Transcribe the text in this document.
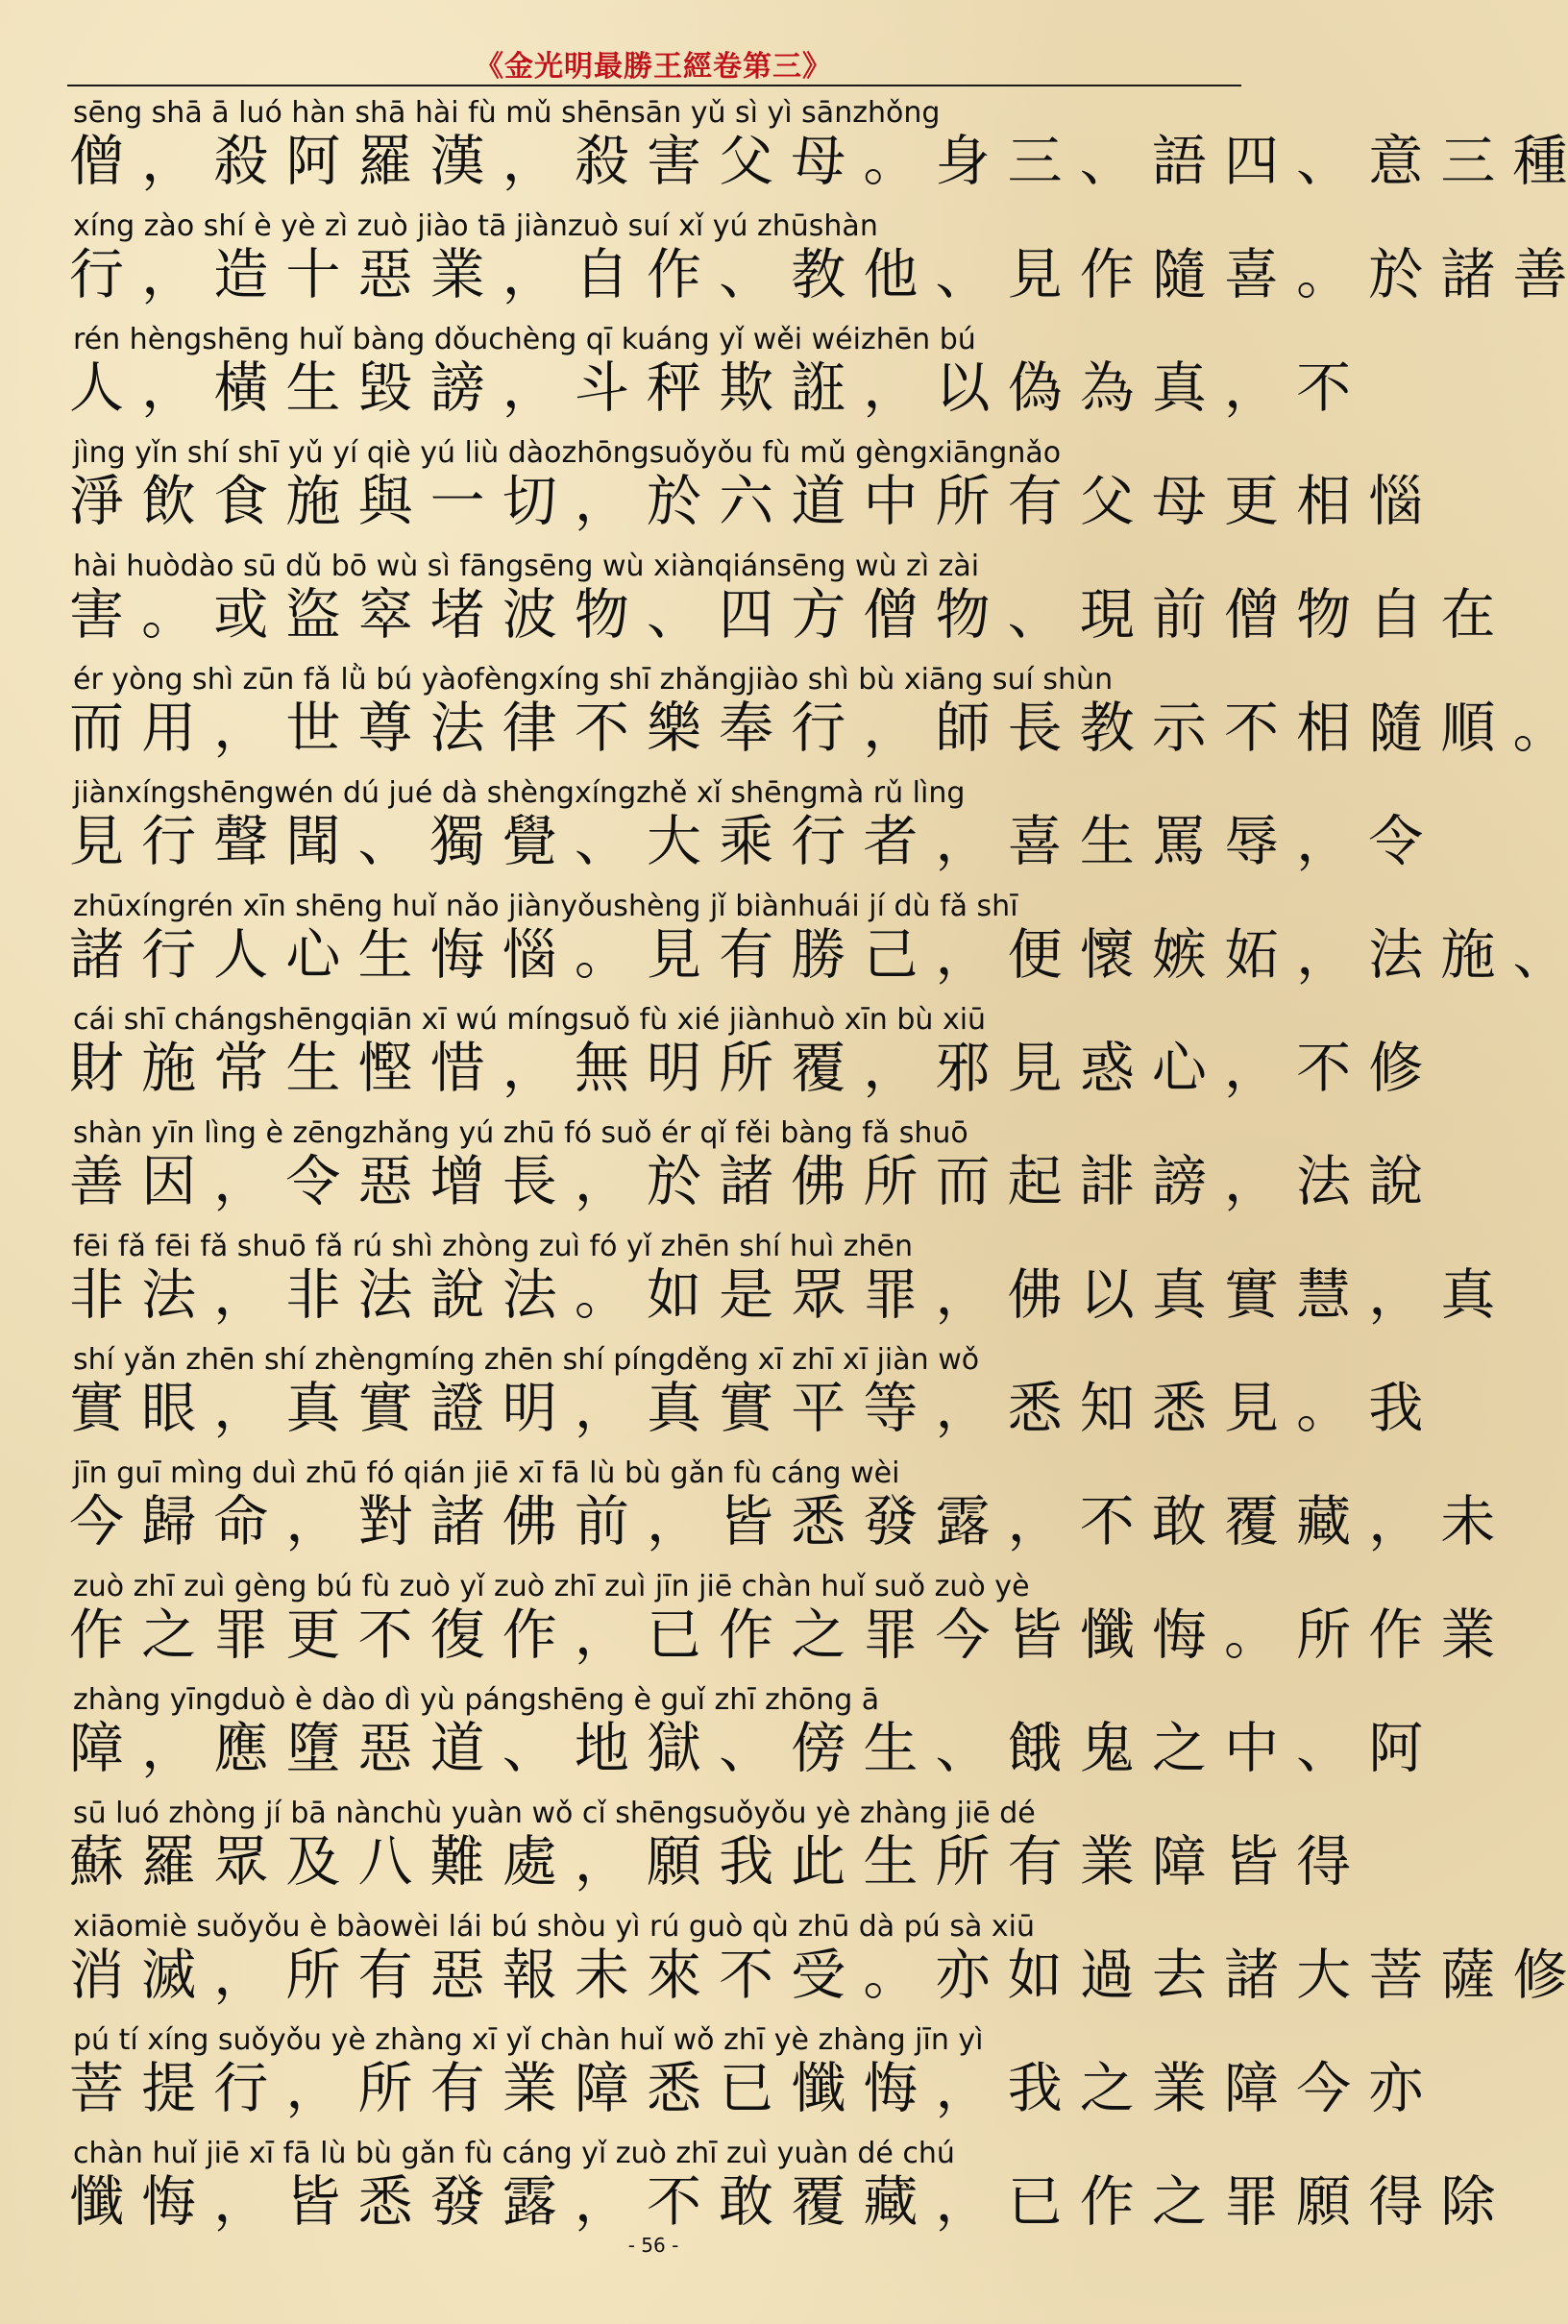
《金光明最勝王經卷第三》
sēng shā ā luó hàn shā hài fù mǔ shēnsān yǔ sì yì sānzhǒng
僧 ， 殺 阿 羅 漢 ， 殺 害 父 母 。 身 三 、 語 四 、 意 三 種
xíng zào shí è yè zì zuò jiào tā jiànzuò suí xǐ yú zhūshàn
行 ， 造 十 惡 業 ， 自 作 、 教 他 、 見 作 隨 喜 。 於 諸 善
rén hèngshēng huǐ bàng dǒuchèng qī kuáng yǐ wěi wéizhēn bú
人 ， 橫 生 毀 謗 ， 斗 秤 欺 誑 ， 以 偽 為 真 ， 不
jìng yǐn shí shī yǔ yí qiè yú liù dàozhōngsuǒyǒu fù mǔ gèngxiāngnǎo
淨 飲 食 施 與 一 切 ， 於 六 道 中 所 有 父 母 更 相 惱
hài huòdào sū dǔ bō wù sì fāngsēng wù xiànqiánsēng wù zì zài
害 。 或 盜 窣 堵 波 物 、 四 方 僧 物 、 現 前 僧 物 自 在
ér yòng shì zūn fǎ lǜ bú yàofèngxíng shī zhǎngjiào shì bù xiāng suí shùn
而 用 ， 世 尊 法 律 不 樂 奉 行 ， 師 長 教 示 不 相 隨 順 。
jiànxíngshēngwén dú jué dà shèngxíngzhě xǐ shēngmà rǔ lìng
見 行 聲 聞 、 獨 覺 、 大 乘 行 者 ， 喜 生 罵 辱 ， 令
zhūxíngrén xīn shēng huǐ nǎo jiànyǒushèng jǐ biànhuái jí dù fǎ shī
諸 行 人 心 生 悔 惱 。 見 有 勝 己 ， 便 懷 嫉 妬 ， 法 施 、
cái shī chángshēngqiān xī wú míngsuǒ fù xié jiànhuò xīn bù xiū
財 施 常 生 慳 惜 ， 無 明 所 覆 ， 邪 見 惑 心 ， 不 修
shàn yīn lìng è zēngzhǎng yú zhū fó suǒ ér qǐ fěi bàng fǎ shuō
善 因 ， 令 惡 增 長 ， 於 諸 佛 所 而 起 誹 謗 ， 法 說
fēi fǎ fēi fǎ shuō fǎ rú shì zhòng zuì fó yǐ zhēn shí huì zhēn
非 法 ， 非 法 說 法 。 如 是 眾 罪 ， 佛 以 真 實 慧 ， 真
shí yǎn zhēn shí zhèngmíng zhēn shí píngděng xī zhī xī jiàn wǒ
實 眼 ， 真 實 證 明 ， 真 實 平 等 ， 悉 知 悉 見 。 我
jīn guī mìng duì zhū fó qián jiē xī fā lù bù gǎn fù cáng wèi
今 歸 命 ， 對 諸 佛 前 ， 皆 悉 發 露 ， 不 敢 覆 藏 ， 未
zuò zhī zuì gèng bú fù zuò yǐ zuò zhī zuì jīn jiē chàn huǐ suǒ zuò yè
作 之 罪 更 不 復 作 ， 已 作 之 罪 今 皆 懺 悔 。 所 作 業
zhàng yīngduò è dào dì yù pángshēng è guǐ zhī zhōng ā
障 ， 應 墮 惡 道 、 地 獄 、 傍 生 、 餓 鬼 之 中 、 阿
sū luó zhòng jí bā nànchù yuàn wǒ cǐ shēngsuǒyǒu yè zhàng jiē dé
蘇 羅 眾 及 八 難 處 ， 願 我 此 生 所 有 業 障 皆 得
xiāomiè suǒyǒu è bàowèi lái bú shòu yì rú guò qù zhū dà pú sà xiū
消 滅 ， 所 有 惡 報 未 來 不 受 。 亦 如 過 去 諸 大 菩 薩 修
pú tí xíng suǒyǒu yè zhàng xī yǐ chàn huǐ wǒ zhī yè zhàng jīn yì
菩 提 行 ， 所 有 業 障 悉 已 懺 悔 ， 我 之 業 障 今 亦
chàn huǐ jiē xī fā lù bù gǎn fù cáng yǐ zuò zhī zuì yuàn dé chú
懺 悔 ， 皆 悉 發 露 ， 不 敢 覆 藏 ， 已 作 之 罪 願 得 除
- 56 -
